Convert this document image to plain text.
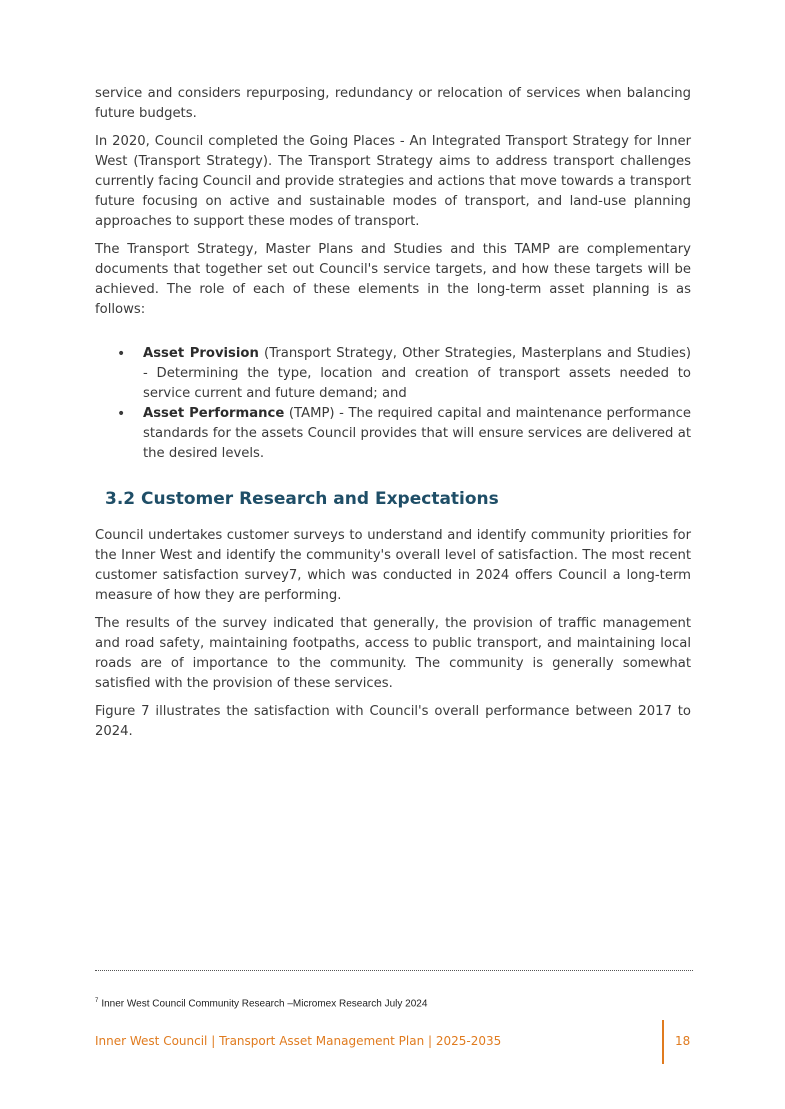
service and considers repurposing, redundancy or relocation of services when balancing future budgets.

In 2020, Council completed the Going Places - An Integrated Transport Strategy for Inner West (Transport Strategy). The Transport Strategy aims to address transport challenges currently facing Council and provide strategies and actions that move towards a transport future focusing on active and sustainable modes of transport, and land-use planning approaches to support these modes of transport.

The Transport Strategy, Master Plans and Studies and this TAMP are complementary documents that together set out Council's service targets, and how these targets will be achieved. The role of each of these elements in the long-term asset planning is as follows:

• Asset Provision (Transport Strategy, Other Strategies, Masterplans and Studies) - Determining the type, location and creation of transport assets needed to service current and future demand; and
• Asset Performance (TAMP) - The required capital and maintenance performance standards for the assets Council provides that will ensure services are delivered at the desired levels.
3.2 Customer Research and Expectations

Council undertakes customer surveys to understand and identify community priorities for the Inner West and identify the community's overall level of satisfaction. The most recent customer satisfaction survey7, which was conducted in 2024 offers Council a long-term measure of how they are performing.

The results of the survey indicated that generally, the provision of traffic management and road safety, maintaining footpaths, access to public transport, and maintaining local roads are of importance to the community. The community is generally somewhat satisfied with the provision of these services.

Figure 7 illustrates the satisfaction with Council's overall performance between 2017 to 2024.

$^7$ Inner West Council Community Research –Micromex Research July 2024
Inner West Council | Transport Asset Management Plan | 2025-2035	18
